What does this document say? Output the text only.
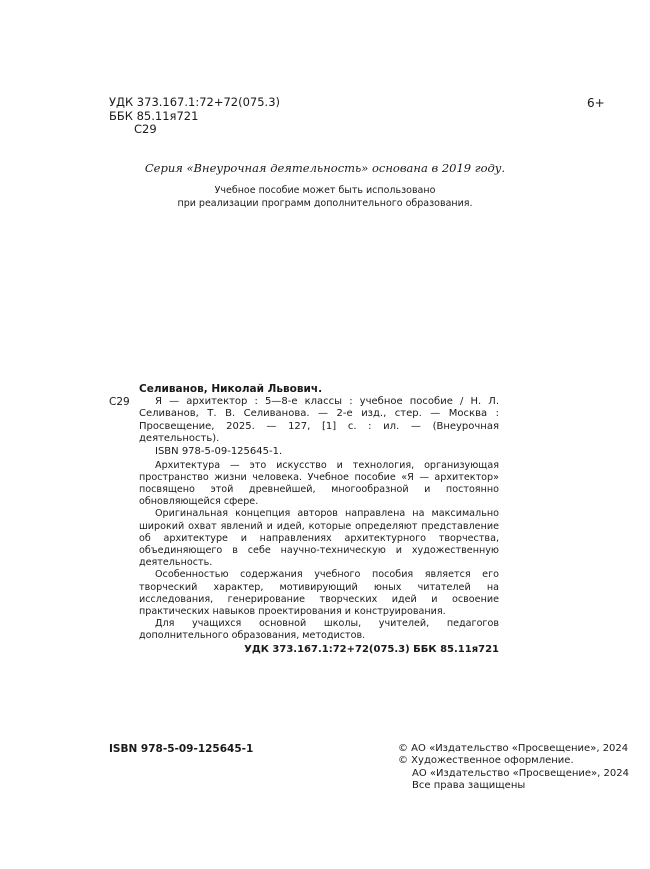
УДК 373.167.1:72+72(075.3)
ББК 85.11я721
С29
6+
Серия «Внеурочная деятельность» основана в 2019 году.
Учебное пособие может быть использовано
при реализации программ дополнительного образования.
Селиванов, Николай Львович.
С29	Я — архитектор : 5—8-е классы : учебное пособие / Н. Л. Селиванов, Т. В. Селиванова. — 2-е изд., стер. — Москва : Просвещение, 2025. — 127, [1] с. : ил. — (Внеурочная деятельность).
ISBN 978-5-09-125645-1.

Архитектура — это искусство и технология, организующая пространство жизни человека. Учебное пособие «Я — архитектор» посвящено этой древнейшей, многообразной и постоянно обновляющейся сфере.

Оригинальная концепция авторов направлена на максимально широкий охват явлений и идей, которые определяют представление об архитектуре и направлениях архитектурного творчества, объединяющего в себе научно-техническую и художественную деятельность.

Особенностью содержания учебного пособия является его творческий характер, мотивирующий юных читателей на исследования, генерирование творческих идей и освоение практических навыков проектирования и конструирования.

Для учащихся основной школы, учителей, педагогов дополнительного образования, методистов.

УДК 373.167.1:72+72(075.3) ББК 85.11я721
ISBN 978-5-09-125645-1	© АО «Издательство «Просвещение», 2024
© Художественное оформление.
АО «Издательство «Просвещение», 2024
Все права защищены
